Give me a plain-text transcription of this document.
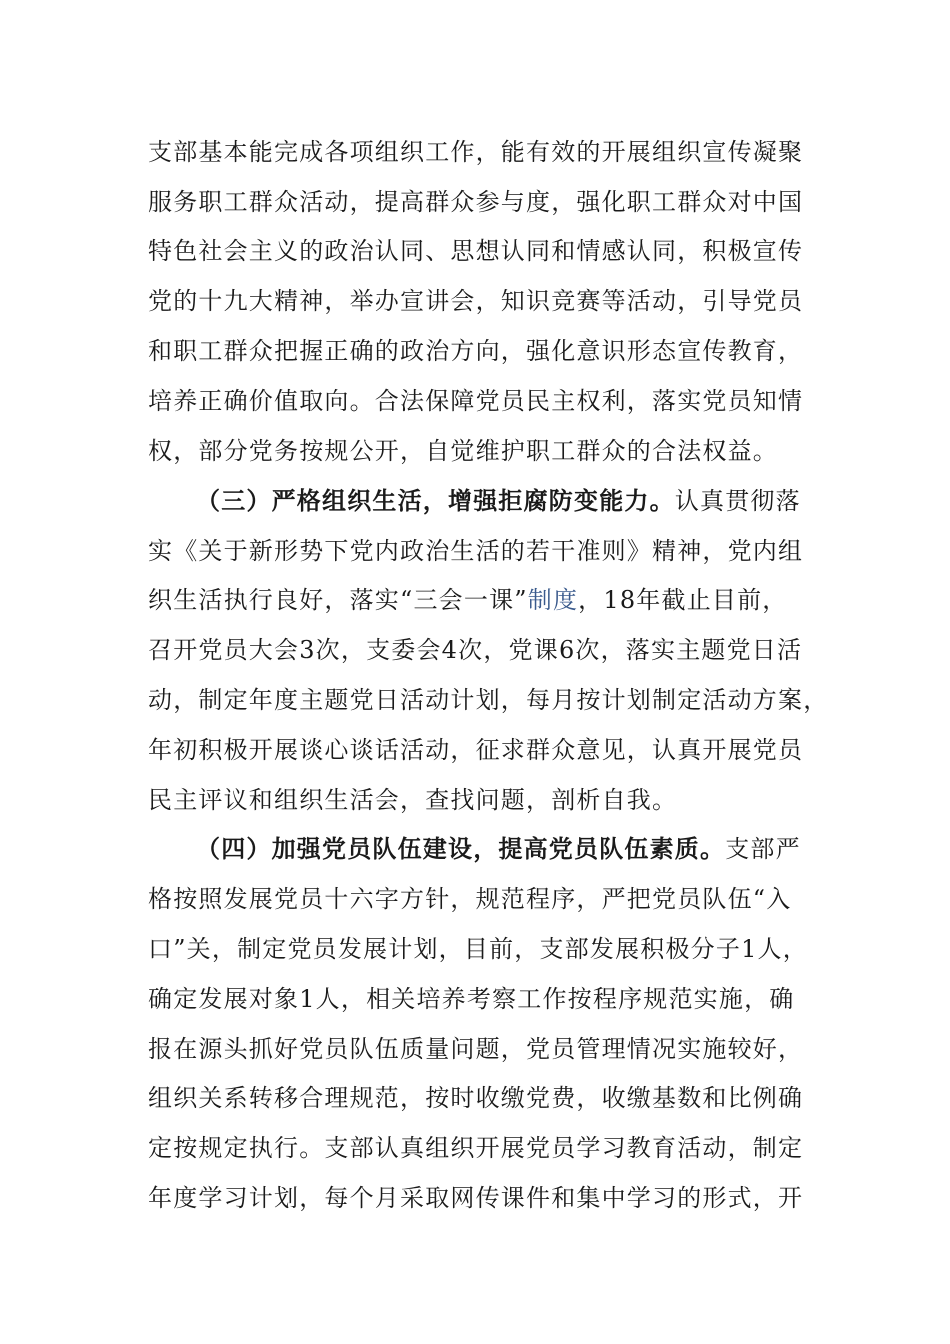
支部基本能完成各项组织工作，能有效的开展组织宣传凝聚
服务职工群众活动，提高群众参与度，强化职工群众对中国
特色社会主义的政治认同、思想认同和情感认同，积极宣传
党的十九大精神，举办宣讲会，知识竞赛等活动，引导党员
和职工群众把握正确的政治方向，强化意识形态宣传教育，
培养正确价值取向。合法保障党员民主权利，落实党员知情
权，部分党务按规公开，自觉维护职工群众的合法权益。
（三）严格组织生活，增强拒腐防变能力。认真贯彻落
实《关于新形势下党内政治生活的若干准则》精神，党内组
织生活执行良好，落实“三会一课”制度，18年截止目前，
召开党员大会3次，支委会4次，党课6次，落实主题党日活
动，制定年度主题党日活动计划，每月按计划制定活动方案，
年初积极开展谈心谈话活动，征求群众意见，认真开展党员
民主评议和组织生活会，查找问题，剖析自我。
（四）加强党员队伍建设，提高党员队伍素质。支部严
格按照发展党员十六字方针，规范程序，严把党员队伍“入
口”关，制定党员发展计划，目前，支部发展积极分子1人，
确定发展对象1人，相关培养考察工作按程序规范实施，确
报在源头抓好党员队伍质量问题，党员管理情况实施较好，
组织关系转移合理规范，按时收缴党费，收缴基数和比例确
定按规定执行。支部认真组织开展党员学习教育活动，制定
年度学习计划，每个月采取网传课件和集中学习的形式，开
